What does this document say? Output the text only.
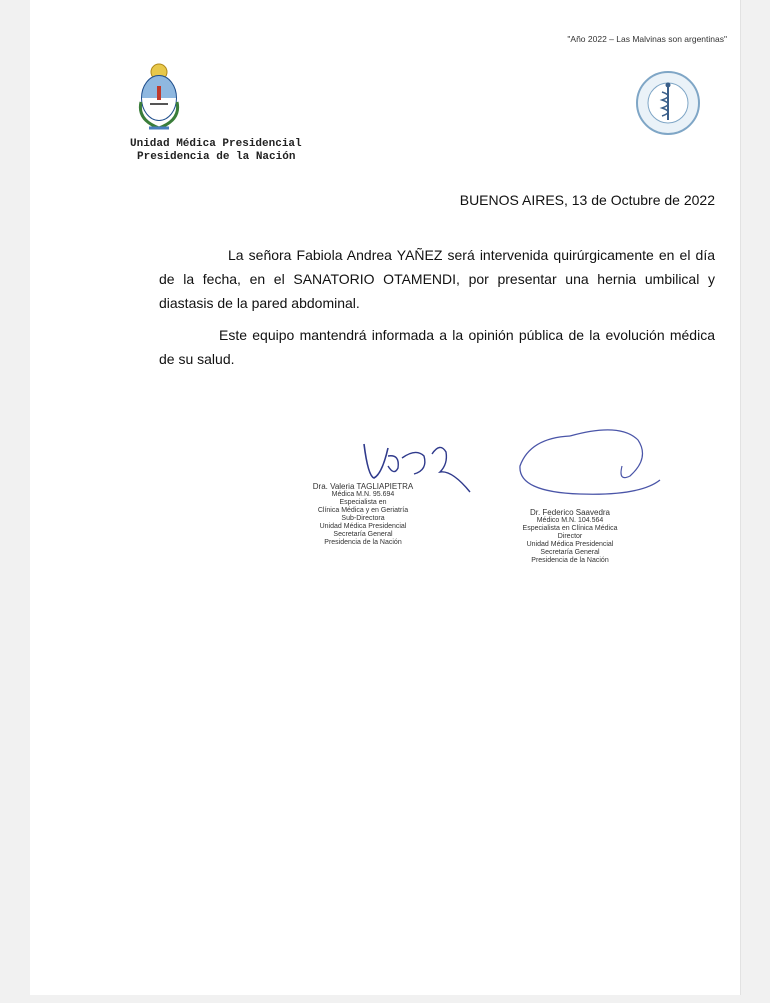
"Año 2022 – Las Malvinas son argentinas"
Unidad Médica Presidencial
Presidencia de la Nación
BUENOS AIRES, 13 de Octubre de 2022

La señora Fabiola Andrea YAÑEZ será intervenida quirúrgicamente en el día de la fecha, en el SANATORIO OTAMENDI, por presentar una hernia umbilical y diastasis de la pared abdominal.

Este equipo mantendrá informada a la opinión pública de la evolución médica de su salud.

Dra. Valeria TAGLIAPIETRA
Médica M.N. 95.694
Especialista en
Clínica Médica y en Geriatría
Sub-Directora
Unidad Médica Presidencial
Secretaría General
Presidencia de la Nación
Dr. Federico Saavedra
Médico M.N. 104.564
Especialista en Clínica Médica
Director
Unidad Médica Presidencial
Secretaría General
Presidencia de la Nación
